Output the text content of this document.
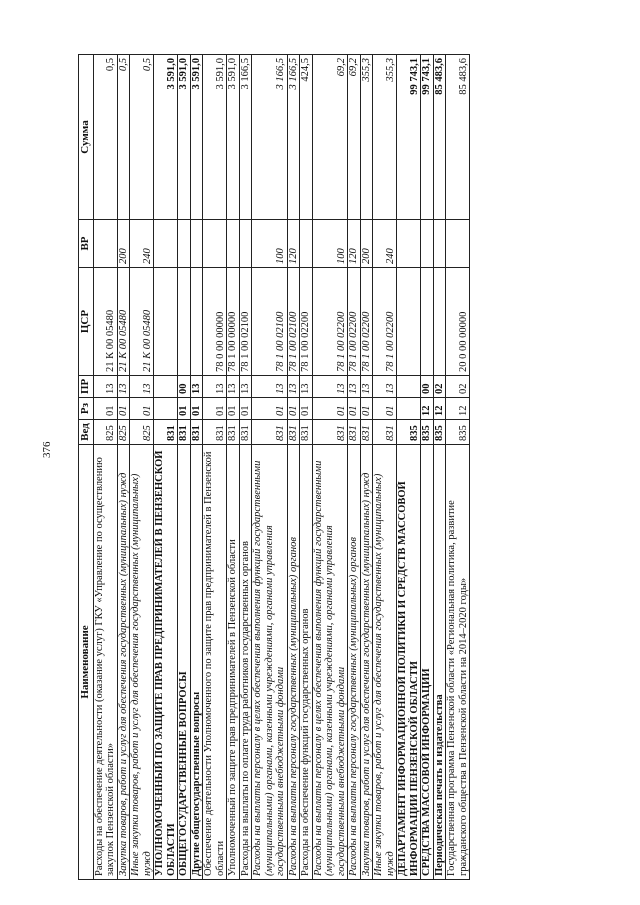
376
Наименование	Вед	Рз	ПР	ЦСР	ВР	Сумма
Расходы на обеспечение деятельности (оказание услуг) ГКУ «Управление по осуществлению закупок Пензенской области»	825	01	13	21 К 00 05480		0,5
Закупка товаров, работ и услуг для обеспечения государственных (муниципальных) нужд	825	01	13	21 К 00 05480	200	0,5
Иные закупки товаров, работ и услуг для обеспечения государственных (муниципальных) нужд	825	01	13	21 К 00 05480	240	0,5
УПОЛНОМОЧЕННЫЙ ПО ЗАЩИТЕ ПРАВ ПРЕДПРИНИМАТЕЛЕЙ В ПЕНЗЕНСКОЙ ОБЛАСТИ	831					3 591,0
ОБЩЕГОСУДАРСТВЕННЫЕ ВОПРОСЫ	831	01	00			3 591,0
Другие общегосударственные вопросы	831	01	13			3 591,0
Обеспечение деятельности Уполномоченного по защите прав предпринимателей в Пензенской области	831	01	13	78 0 00 00000		3 591,0
Уполномоченный по защите прав предпринимателей в Пензенской области	831	01	13	78 1 00 00000		3 591,0
Расходы на выплаты по оплате труда работников государственных органов	831	01	13	78 1 00 02100		3 166,5
Расходы на выплаты персоналу в целях обеспечения выполнения функций государственными (муниципальными) органами, казенными учреждениями, органами управления государственными внебюджетными фондами	831	01	13	78 1 00 02100	100	3 166,5
Расходы на выплаты персоналу государственных (муниципальных) органов	831	01	13	78 1 00 02100	120	3 166,5
Расходы на обеспечение функций государственных органов	831	01	13	78 1 00 02200		424,5
Расходы на выплаты персоналу в целях обеспечения выполнения функций государственными (муниципальными) органами, казенными учреждениями, органами управления государственными внебюджетными фондами	831	01	13	78 1 00 02200	100	69,2
Расходы на выплаты персоналу государственных (муниципальных) органов	831	01	13	78 1 00 02200	120	69,2
Закупка товаров, работ и услуг для обеспечения государственных (муниципальных) нужд	831	01	13	78 1 00 02200	200	355,3
Иные закупки товаров, работ и услуг для обеспечения государственных (муниципальных) нужд	831	01	13	78 1 00 02200	240	355,3
ДЕПАРТАМЕНТ ИНФОРМАЦИОННОЙ ПОЛИТИКИ И СРЕДСТВ МАССОВОЙ ИНФОРМАЦИИ ПЕНЗЕНСКОЙ ОБЛАСТИ	835					99 743,1
СРЕДСТВА МАССОВОЙ ИНФОРМАЦИИ	835	12	00			99 743,1
Периодическая печать и издательства	835	12	02			85 483,6
Государственная программа Пензенской области «Региональная политика, развитие гражданского общества в Пензенской области на 2014–2020 годы»	835	12	02	20 0 00 00000		85 483,6
